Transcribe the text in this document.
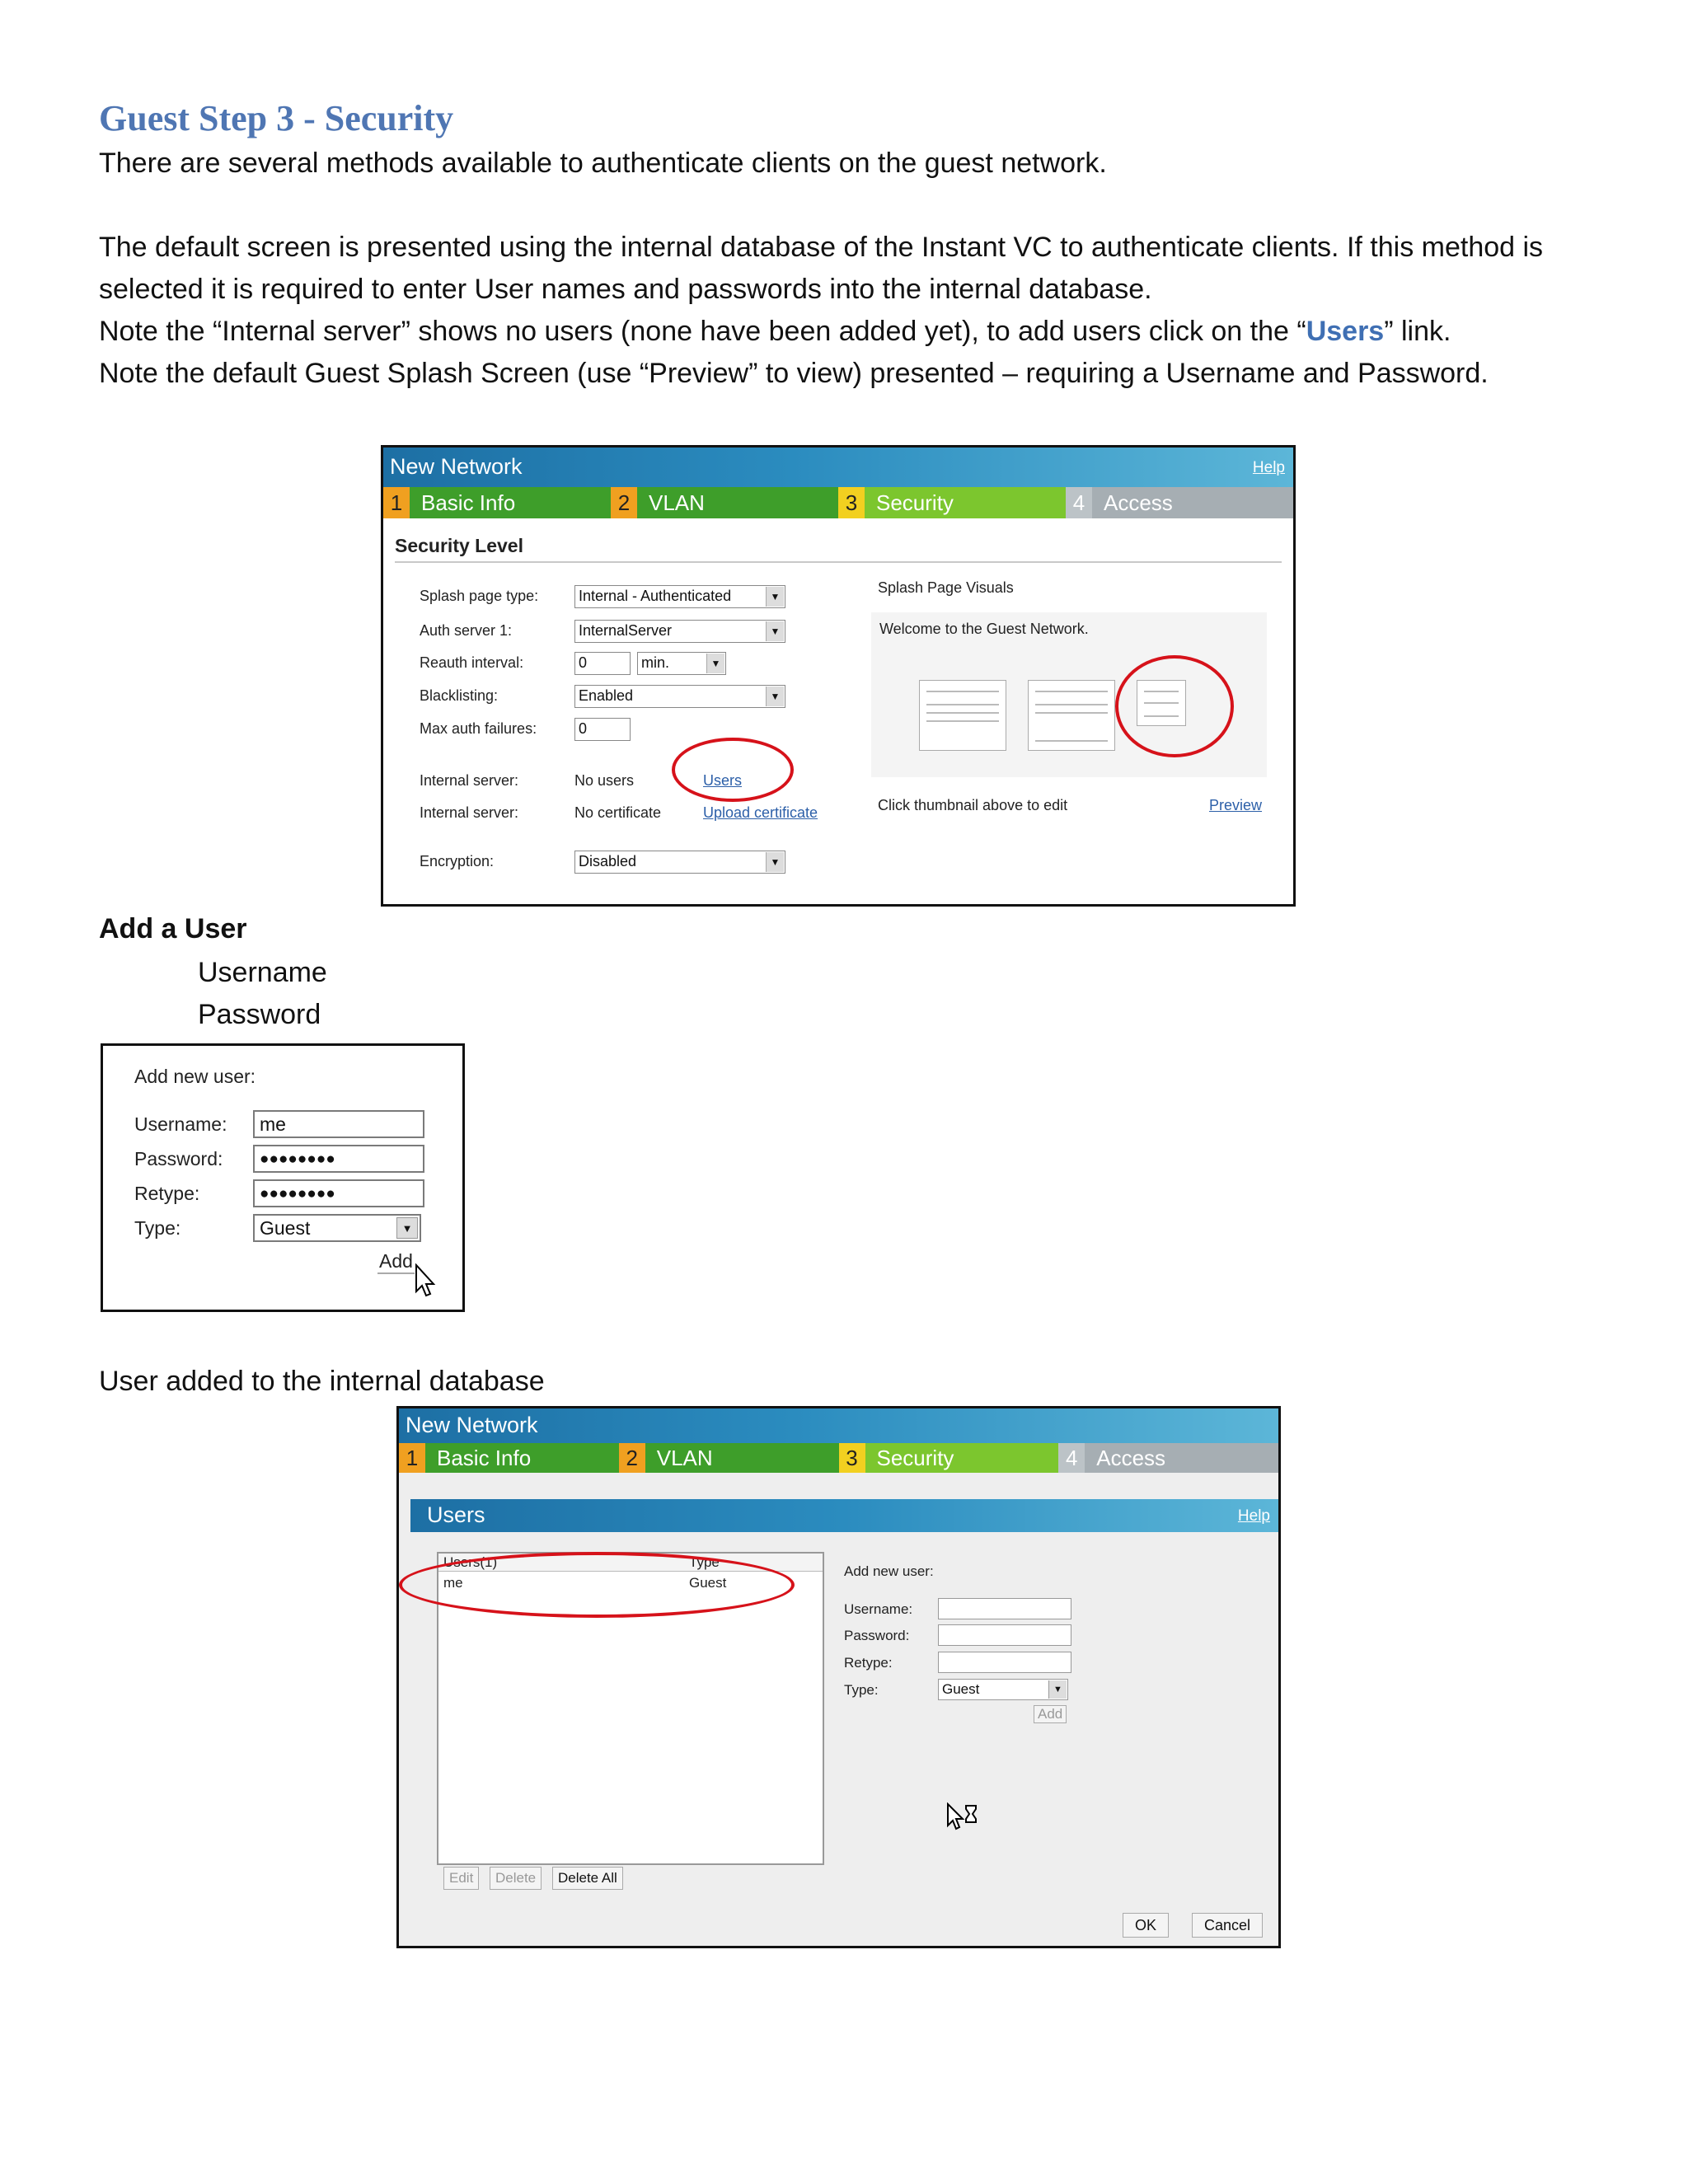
Guest Step 3 - Security
There are several methods available to authenticate clients on the guest network.
The default screen is presented using the internal database of the Instant VC to authenticate clients. If this method is
selected it is required to enter User names and passwords into the internal database.
Note the “Internal server” shows no users (none have been added yet), to add users click on the “Users” link.
Note the default Guest Splash Screen (use “Preview” to view) presented – requiring a Username and Password.
New Network	Help
1 Basic Info	2 VLAN	3 Security	4 Access
Security Level
Splash page type:	Internal - Authenticated	▼
Auth server 1:	InternalServer	▼
Reauth interval:	0	min.	▼
Blacklisting:	Enabled	▼
Max auth failures:	0
Internal server:	No users	Users
Internal server:	No certificate	Upload certificate
Encryption:	Disabled	▼
Splash Page Visuals
Welcome to the Guest Network.
Click thumbnail above to edit	Preview
Add a User
Username
Password
Add new user:
Username:	me
Password:	●●●●●●●●
Retype:	●●●●●●●●
Type:	Guest	▼
Add
User added to the internal database
New Network
1 Basic Info	2 VLAN	3 Security	4 Access
Users	Help
Users(1)	Type
me	Guest
Edit	Delete	Delete All
Add new user:
Username:
Password:
Retype:
Type:	Guest	▼
Add
OK	Cancel
